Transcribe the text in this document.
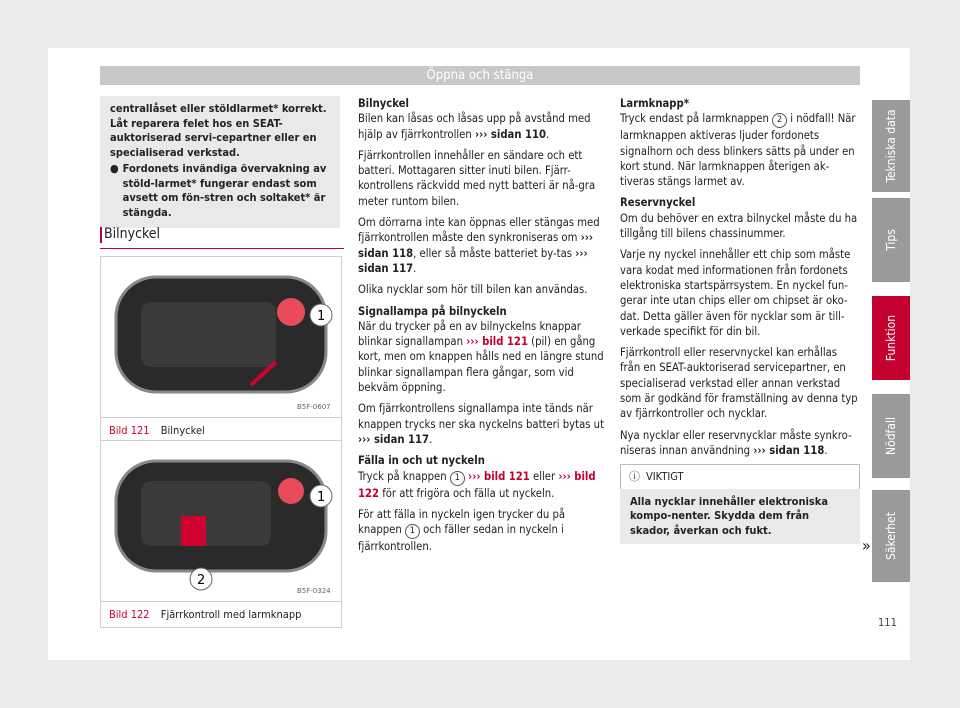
Öppna och stänga
centrallåset eller stöldlarmet* korrekt. Låt reparera felet hos en SEAT-auktoriserad servi-cepartner eller en specialiserad verkstad.
● Fordonets invändiga övervakning av stöld-larmet* fungerar endast som avsett om fön-stren och soltaket* är stängda.
Bilnyckel
1
B5F-0607
Bild 121 Bilnyckel
1
2
B5F-0324
Bild 122 Fjärrkontroll med larmknapp
Bilnyckel

Bilen kan låsas och låsas upp på avstånd med hjälp av fjärrkontrollen ››› sidan 110.

Fjärrkontrollen innehåller en sändare och ett batteri. Mottagaren sitter inuti bilen. Fjärr-kontrollens räckvidd med nytt batteri är nå-gra meter runtom bilen.

Om dörrarna inte kan öppnas eller stängas med fjärrkontrollen måste den synkroniseras om ››› sidan 118, eller så måste batteriet by-tas ››› sidan 117.

Olika nycklar som hör till bilen kan användas.

Signallampa på bilnyckeln

När du trycker på en av bilnyckelns knappar blinkar signallampan ››› bild 121 (pil) en gång kort, men om knappen hålls ned en längre stund blinkar signallampan flera gångar, som vid bekväm öppning.

Om fjärrkontrollens signallampa inte tänds när knappen trycks ner ska nyckelns batteri bytas ut ››› sidan 117.

Fälla in och ut nyckeln

Tryck på knappen 1 ››› bild 121 eller ››› bild 122 för att frigöra och fälla ut nyckeln.

För att fälla in nyckeln igen trycker du på knappen 1 och fäller sedan in nyckeln i fjärrkontrollen.

Larmknapp*

Tryck endast på larmknappen 2 i nödfall! När larmknappen aktiveras ljuder fordonets signalhorn och dess blinkers sätts på under en kort stund. När larmknappen återigen ak-tiveras stängs larmet av.

Reservnyckel

Om du behöver en extra bilnyckel måste du ha tillgång till bilens chassinummer.

Varje ny nyckel innehåller ett chip som måste vara kodat med informationen från fordonets elektroniska startspärrsystem. En nyckel fun-gerar inte utan chips eller om chipset är oko-dat. Detta gäller även för nycklar som är till-verkade specifikt för din bil.

Fjärrkontroll eller reservnyckel kan erhållas från en SEAT-auktoriserad servicepartner, en specialiserad verkstad eller annan verkstad som är godkänd för framställning av denna typ av fjärrkontroller och nycklar.

Nya nycklar eller reservnycklar måste synkro-niseras innan användning ››› sidan 118.

ⓘ VIKTIGT
Alla nycklar innehåller elektroniska kompo-nenter. Skydda dem från skador, åverkan och fukt.
»
Tekniska data
Tips
Funktion
Nödfall
Säkerhet
111
